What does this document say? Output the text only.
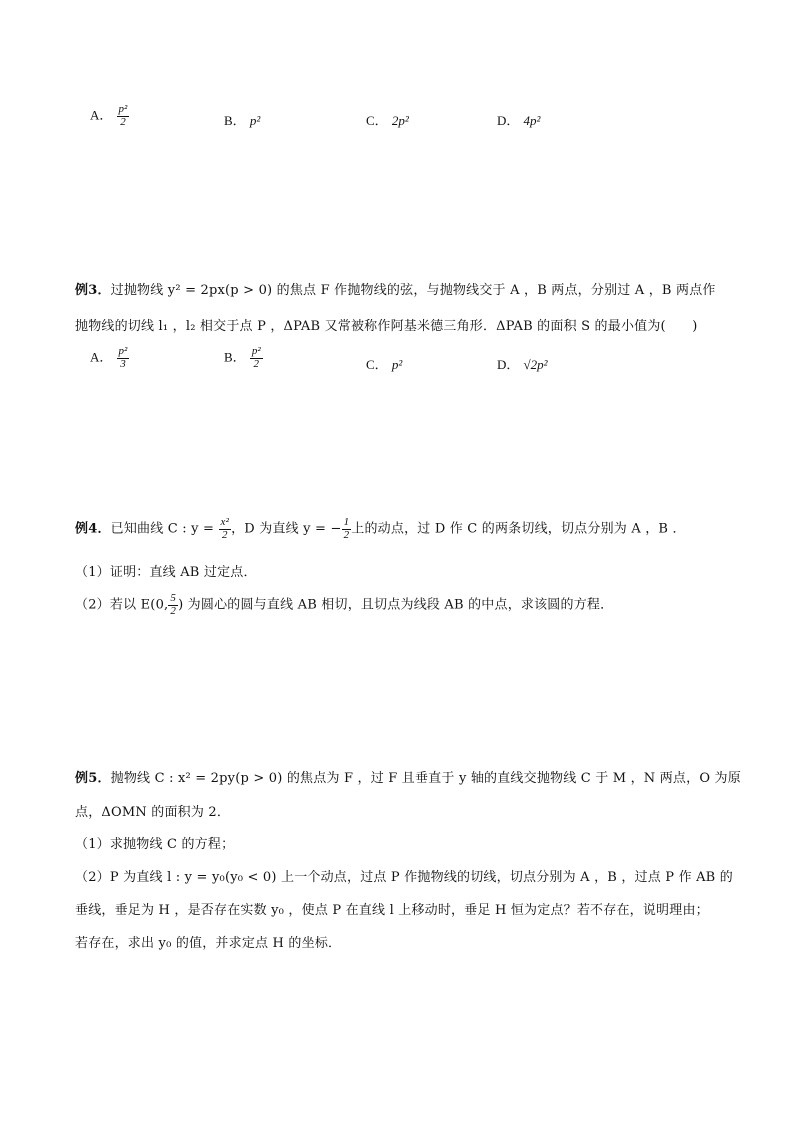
A． $\frac{\text{p²}}{2}$	B． p²	C． 2p²	D． 4p²
例3．过抛物线 y² = 2px(p > 0) 的焦点 F 作抛物线的弦，与抛物线交于 A ，B 两点，分别过 A ，B 两点作
抛物线的切线 l₁ ，l₂ 相交于点 P ，ΔPAB 又常被称作阿基米德三角形．ΔPAB 的面积 S 的最小值为(　　)
A． $\frac{\text{p²}}{3}$	B． $\frac{\text{p²}}{2}$	C． p²	D． √2p²
例4．已知曲线 C : $y = \frac{\text{x²}}{2}$ ，D 为直线 y = − $\frac{1}{2}$ 上的动点，过 D 作 C 的两条切线，切点分别为 A ，B ．
（1）证明：直线 AB 过定点．
（2）若以 E(0, $\frac{5}{2}$ ) 为圆心的圆与直线 AB 相切，且切点为线段 AB 的中点，求该圆的方程．
例5．抛物线 C : x² = 2py(p > 0) 的焦点为 F ，过 F 且垂直于 y 轴的直线交抛物线 C 于 M ，N 两点，O 为原
点，ΔOMN 的面积为 2．
（1）求抛物线 C 的方程；
（2）P 为直线 l : y = y₀(y₀ < 0) 上一个动点，过点 P 作抛物线的切线，切点分别为 A ，B ，过点 P 作 AB 的
垂线，垂足为 H ，是否存在实数 y₀ ，使点 P 在直线 l 上移动时，垂足 H 恒为定点？若不存在，说明理由；
若存在，求出 y₀ 的值，并求定点 H 的坐标．
